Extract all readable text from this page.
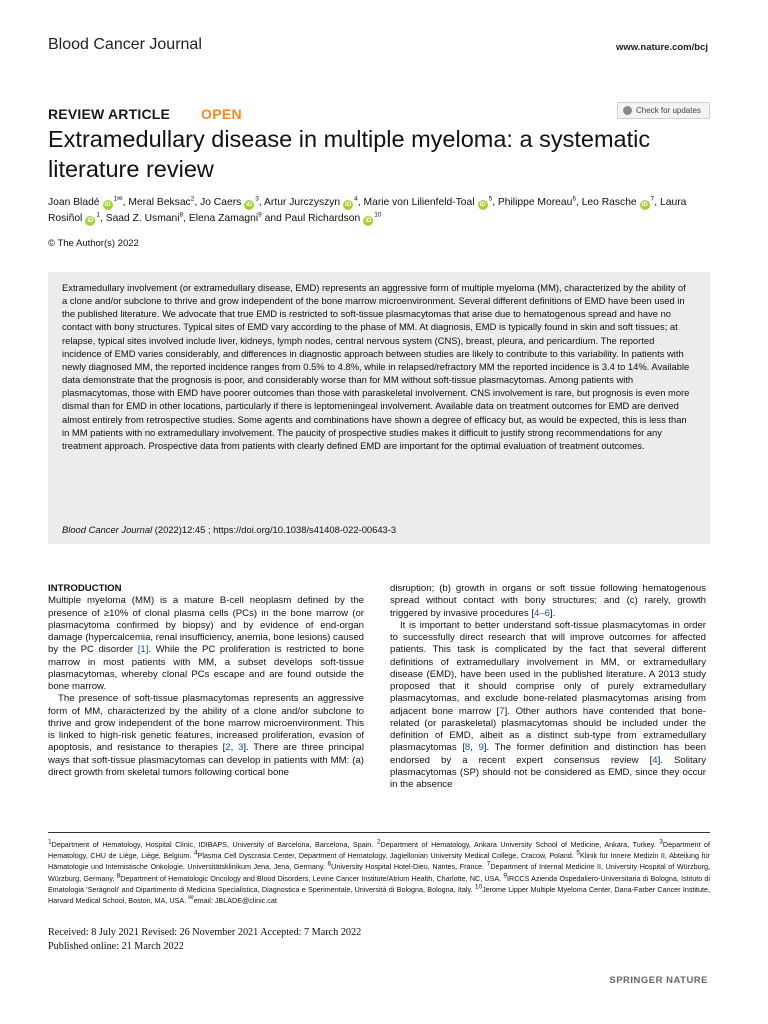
Blood Cancer Journal	www.nature.com/bcj
REVIEW ARTICLE OPEN	Check for updates
Extramedullary disease in multiple myeloma: a systematic literature review
Joan Bladé $iD^{1✉}$, Meral Beksac$^2$, Jo Caers $iD^3$, Artur Jurczyszyn $iD^4$, Marie von Lilienfeld-Toal $iD^5$, Philippe Moreau$^6$, Leo Rasche $iD^7$, Laura Rosiñol $iD^1$, Saad Z. Usmani$^8$, Elena Zamagni$^9$ and Paul Richardson $iD^{10}$
© The Author(s) 2022
Extramedullary involvement (or extramedullary disease, EMD) represents an aggressive form of multiple myeloma (MM), characterized by the ability of a clone and/or subclone to thrive and grow independent of the bone marrow microenvironment. Several different definitions of EMD have been used in the published literature. We advocate that true EMD is restricted to soft-tissue plasmacytomas that arise due to hematogenous spread and have no contact with bony structures. Typical sites of EMD vary according to the phase of MM. At diagnosis, EMD is typically found in skin and soft tissues; at relapse, typical sites involved include liver, kidneys, lymph nodes, central nervous system (CNS), breast, pleura, and pericardium. The reported incidence of EMD varies considerably, and differences in diagnostic approach between studies are likely to contribute to this variability. In patients with newly diagnosed MM, the reported incidence ranges from 0.5% to 4.8%, while in relapsed/refractory MM the reported incidence is 3.4 to 14%. Available data demonstrate that the prognosis is poor, and considerably worse than for MM without soft-tissue plasmacytomas. Among patients with plasmacytomas, those with EMD have poorer outcomes than those with paraskeletal involvement. CNS involvement is rare, but prognosis is even more dismal than for EMD in other locations, particularly if there is leptomeningeal involvement. Available data on treatment outcomes for EMD are derived almost entirely from retrospective studies. Some agents and combinations have shown a degree of efficacy but, as would be expected, this is less than in MM patients with no extramedullary involvement. The paucity of prospective studies makes it difficult to justify strong recommendations for any treatment approach. Prospective data from patients with clearly defined EMD are important for the optimal evaluation of treatment outcomes.
Blood Cancer Journal (2022)12:45 ; https://doi.org/10.1038/s41408-022-00643-3
INTRODUCTION

Multiple myeloma (MM) is a mature B-cell neoplasm defined by the presence of ≥10% of clonal plasma cells (PCs) in the bone marrow (or plasmacytoma confirmed by biopsy) and by evidence of end-organ damage (hypercalcemia, renal insufficiency, anemia, bone lesions) caused by the PC disorder [1]. While the PC proliferation is restricted to bone marrow in most patients with MM, a subset develops soft-tissue plasmacytomas, whereby clonal PCs escape and are found outside the bone marrow.

The presence of soft-tissue plasmacytomas represents an aggressive form of MM, characterized by the ability of a clone and/or subclone to thrive and grow independent of the bone marrow microenvironment. This is linked to high-risk genetic features, increased proliferation, evasion of apoptosis, and resistance to therapies [2, 3]. There are three principal ways that soft-tissue plasmacytomas can develop in patients with MM: (a) direct growth from skeletal tumors following cortical bone

disruption; (b) growth in organs or soft tissue following hematogenous spread without contact with bony structures; and (c) rarely, growth triggered by invasive procedures [4–6].

It is important to better understand soft-tissue plasmacytomas in order to successfully direct research that will improve outcomes for affected patients. This task is complicated by the fact that several different definitions of extramedullary involvement in MM, or extramedullary disease (EMD), have been used in the published literature. A 2013 study proposed that it should comprise only of purely extramedullary plasmacytomas, and exclude bone-related plasmacytomas arising from adjacent bone marrow [7]. Other authors have contended that bone-related (or paraskeletal) plasmacytomas should be included under the definition of EMD, albeit as a distinct sub-type from extramedullary plasmacytomas [8, 9]. The former definition and distinction has been endorsed by a recent expert consensus review [4]. Solitary plasmacytomas (SP) should not be considered as EMD, since they occur in the absence

$^1$Department of Hematology, Hospital Clínic, IDIBAPS, University of Barcelona, Barcelona, Spain. $^2$Department of Hematology, Ankara University School of Medicine, Ankara, Turkey. $^3$Department of Hematology, CHU de Liège, Liège, Belgium. $^4$Plasma Cell Dyscrasia Center, Department of Hematology, Jagiellonian University Medical College, Cracow, Poland. $^5$Klinik für Innere Medizin II, Abteilung für Hämatologie und Internistische Onkologie, Universitätsklinikum Jena, Jena, Germany. $^6$University Hospital Hotel-Dieu, Nantes, France. $^7$Department of Internal Medicine II, University Hospital of Würzburg, Würzburg, Germany. $^8$Department of Hematologic Oncology and Blood Disorders, Levine Cancer Institute/Atrium Health, Charlotte, NC, USA. $^9$IRCCS Azienda Ospedaliero-Universitaria di Bologna, Istituto di Ematologia 'Seràgnoli' and Dipartimento di Medicina Specialistica, Diagnostica e Sperimentale, Università di Bologna, Bologna, Italy. $^{10}$Jerome Lipper Multiple Myeloma Center, Dana-Farber Cancer Institute, Harvard Medical School, Boston, MA, USA. ✉email: JBLADE@clinic.cat
Received: 8 July 2021 Revised: 26 November 2021 Accepted: 7 March 2022
Published online: 21 March 2022
SPRINGER NATURE
